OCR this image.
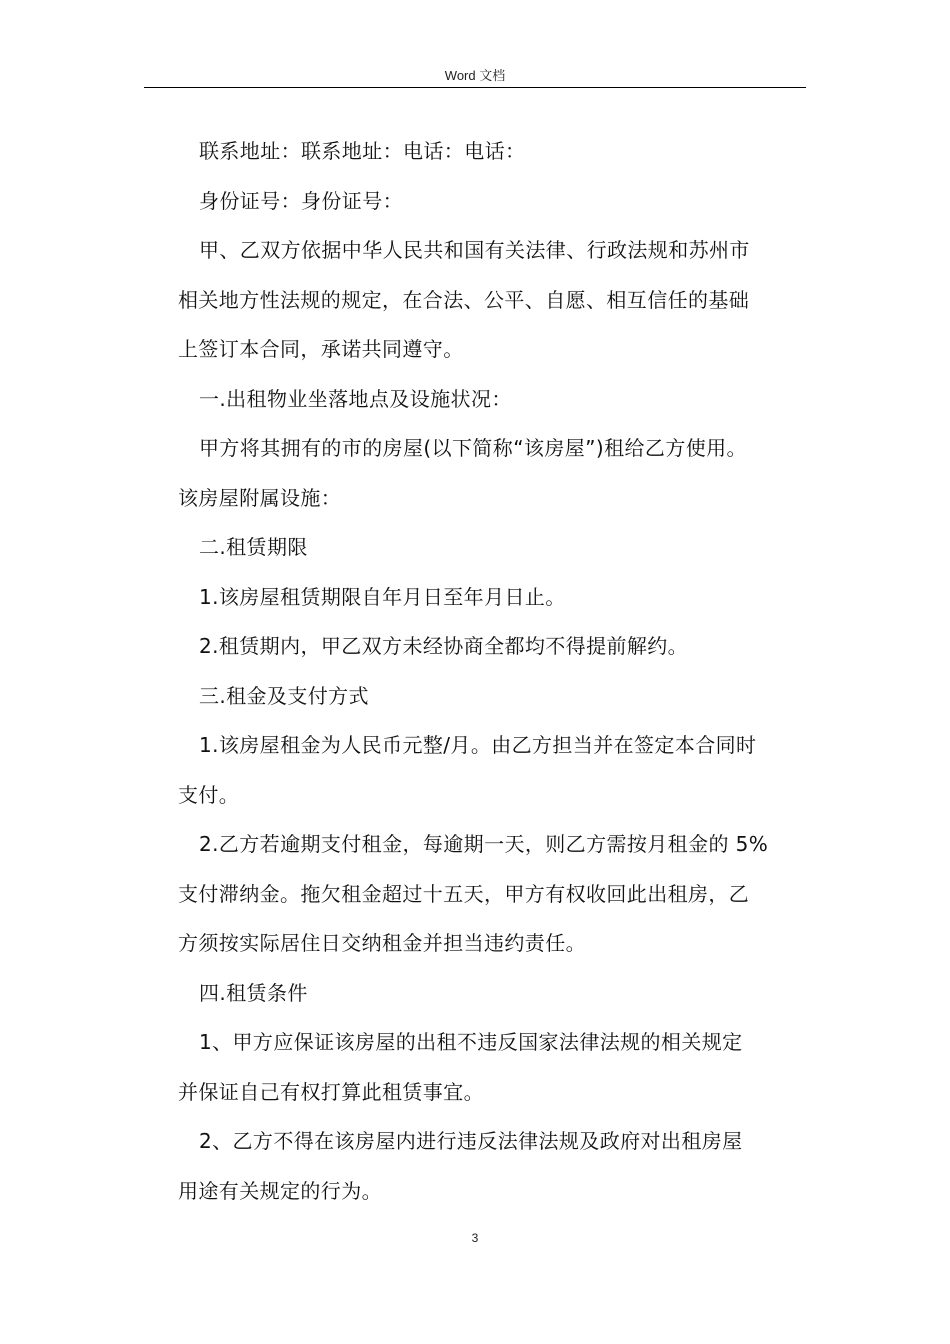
Word 文档
联系地址：联系地址：电话：电话：
身份证号：身份证号：
甲、乙双方依据中华人民共和国有关法律、行政法规和苏州市
相关地方性法规的规定，在合法、公平、自愿、相互信任的基础
上签订本合同，承诺共同遵守。
一.出租物业坐落地点及设施状况：
甲方将其拥有的市的房屋(以下简称“该房屋”)租给乙方使用。
该房屋附属设施：
二.租赁期限
1.该房屋租赁期限自年月日至年月日止。
2.租赁期内，甲乙双方未经协商全都均不得提前解约。
三.租金及支付方式
1.该房屋租金为人民币元整/月。由乙方担当并在签定本合同时
支付。
2.乙方若逾期支付租金，每逾期一天，则乙方需按月租金的 5%
支付滞纳金。拖欠租金超过十五天，甲方有权收回此出租房，乙
方须按实际居住日交纳租金并担当违约责任。
四.租赁条件
1、甲方应保证该房屋的出租不违反国家法律法规的相关规定
并保证自己有权打算此租赁事宜。
2、乙方不得在该房屋内进行违反法律法规及政府对出租房屋
用途有关规定的行为。
3
